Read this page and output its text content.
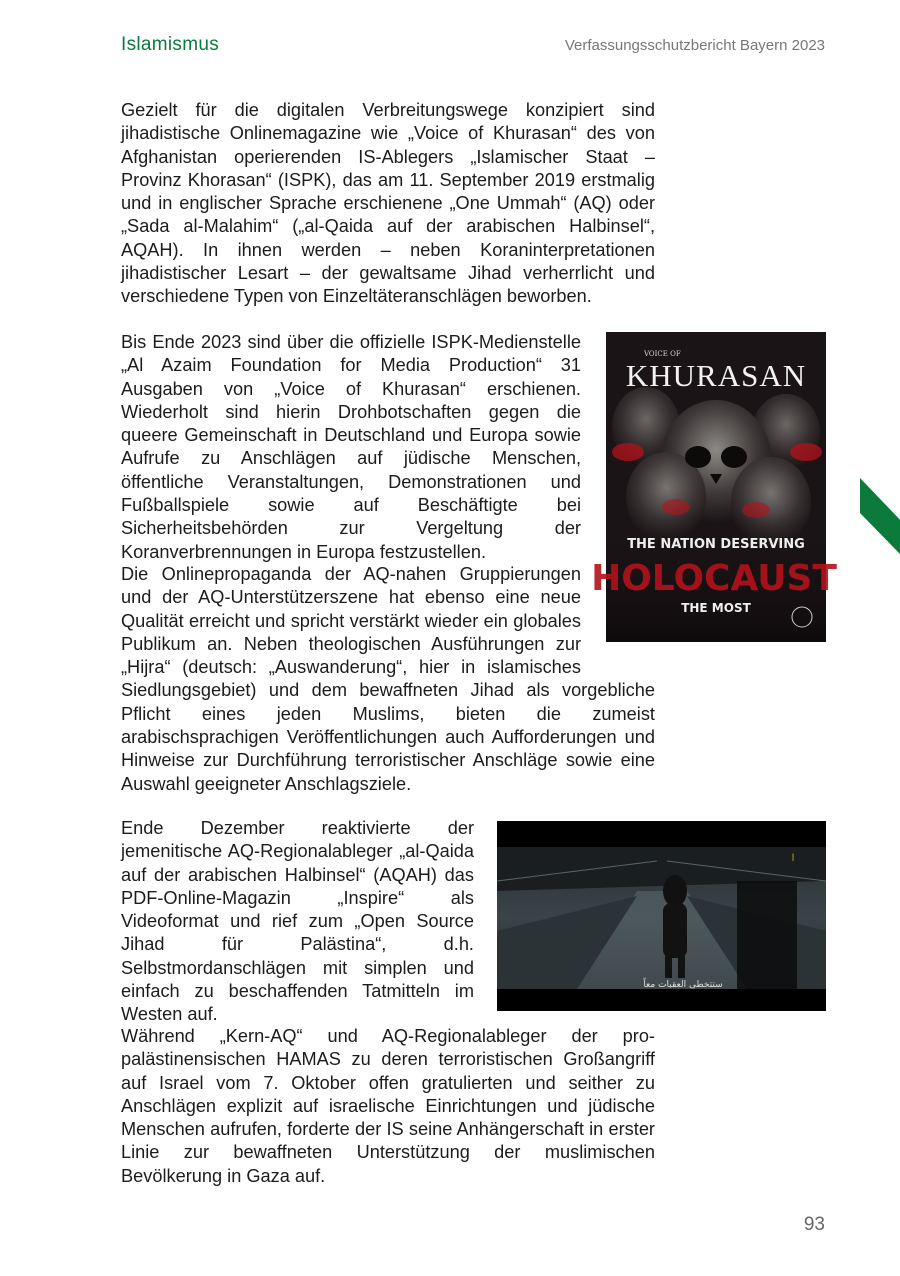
Islamismus	Verfassungsschutzbericht Bayern 2023

Gezielt für die digitalen Verbreitungswege konzipiert sind jihadistische Onlinemagazine wie „Voice of Khurasan“ des von Afghanistan operierenden IS-Ablegers „Islamischer Staat – Provinz Khorasan“ (ISPK), das am 11. September 2019 erstmalig und in englischer Sprache erschienene „One Ummah“ (AQ) oder „Sada al-Malahim“ („al-Qaida auf der arabischen Halbinsel“, AQAH). In ihnen werden – neben Koraninterpretationen jihadistischer Lesart – der gewaltsame Jihad verherrlicht und verschiedene Typen von Einzeltäteranschlägen beworben.

Bis Ende 2023 sind über die offizielle ISPK-Medienstelle „Al Azaim Foundation for Media Production“ 31 Ausgaben von „Voice of Khurasan“ erschienen. Wiederholt sind hierin Drohbotschaften gegen die queere Gemeinschaft in Deutschland und Europa sowie Aufrufe zu Anschlägen auf jüdische Menschen, öffentliche Veranstaltungen, Demonstrationen und Fußballspiele sowie auf Beschäftigte bei Sicherheitsbehörden zur Vergeltung der Koranverbrennungen in Europa festzustellen.

Die Onlinepropaganda der AQ-nahen Gruppierungen und der AQ-Unterstützerszene hat ebenso eine neue Qualität erreicht und spricht verstärkt wieder ein globales Publikum an. Neben theologischen Ausführungen zur „Hijra“ (deutsch: „Auswanderung“, hier in islamisches Siedlungsgebiet) und dem bewaffneten Jihad als vorgebliche Pflicht eines jeden Muslims, bieten die zumeist arabischsprachigen Veröffentlichungen auch Aufforderungen und Hinweise zur Durchführung terroristischer Anschläge sowie eine Auswahl geeigneter Anschlagsziele.

Ende Dezember reaktivierte der jemenitische AQ-Regionalableger „al-Qaida auf der arabischen Halbinsel“ (AQAH) das PDF-Online-Magazin „Inspire“ als Videoformat und rief zum „Open Source Jihad für Palästina“, d.h. Selbstmordanschlägen mit simplen und einfach zu beschaffenden Tatmitteln im Westen auf.

Während „Kern-AQ“ und AQ-Regionalableger der pro-palästinensischen HAMAS zu deren terroristischen Großangriff auf Israel vom 7. Oktober offen gratulierten und seither zu Anschlägen explizit auf israelische Einrichtungen und jüdische Menschen aufrufen, forderte der IS seine Anhängerschaft in erster Linie zur bewaffneten Unterstützung der muslimischen Bevölkerung in Gaza auf.

VOICE OF
KHURASAN
THE NATION DESERVING
HOLOCAUST
THE MOST
ا
ستتخطى العقبات معاً
93
